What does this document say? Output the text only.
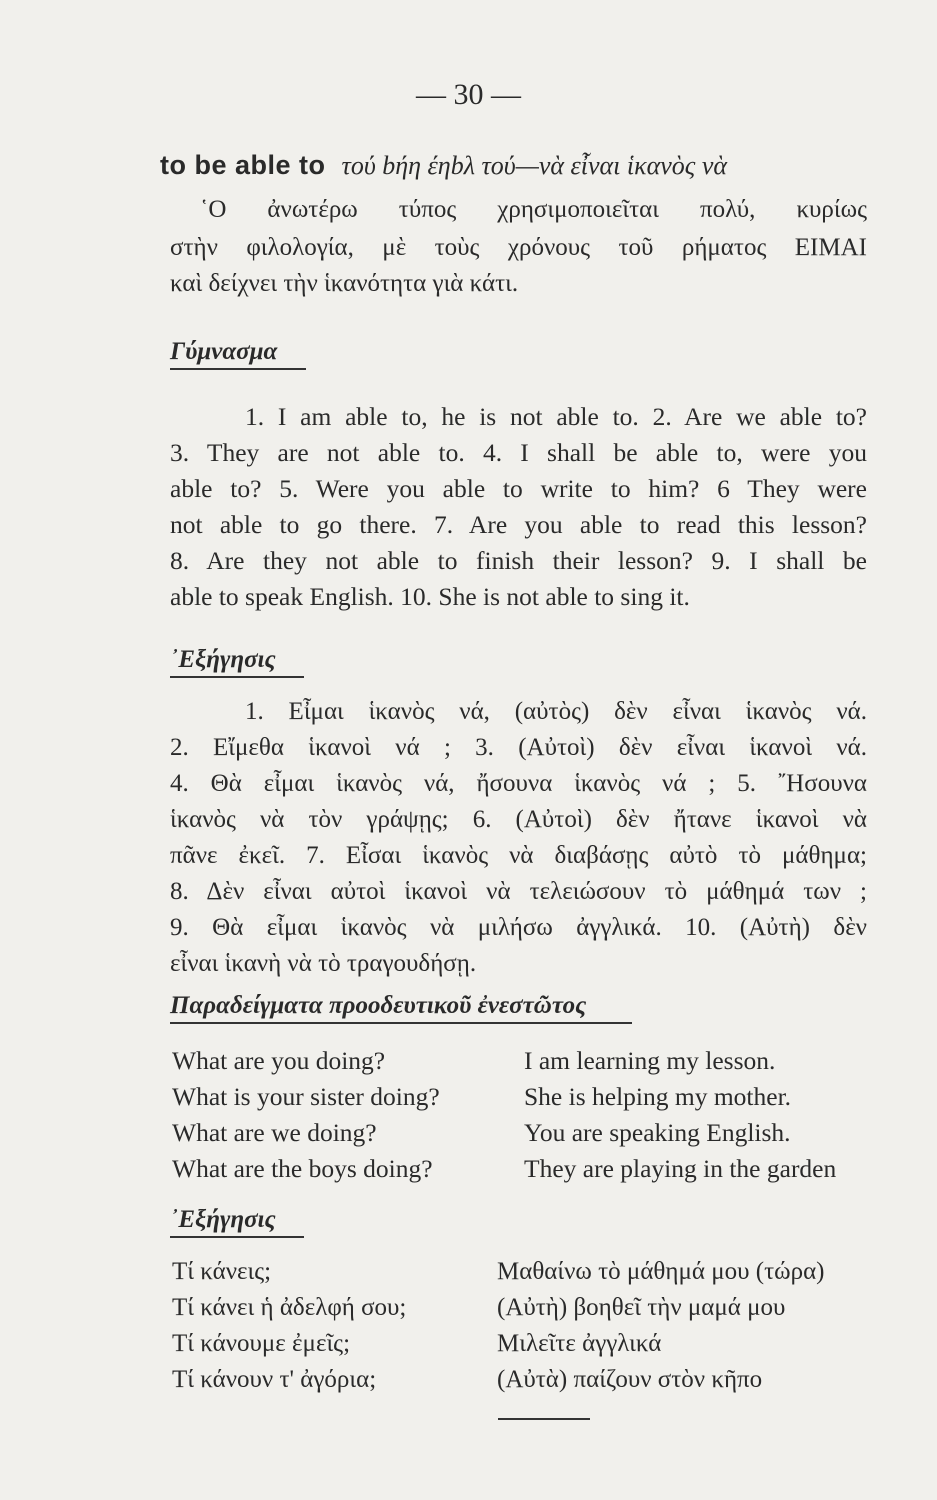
— 30 —
to be able to τού bήη έηbλ τού—νὰ εἶναι ἱκανὸς νὰ
῾Ο ἀνωτέρω τύπος χρησιμοποιεῖται πολύ, κυρίως
στὴν φιλολογία, μὲ τοὺς χρόνους τοῦ ρήματος ΕΙΜΑΙ
καὶ δείχνει τὴν ἱκανότητα γιὰ κάτι.
Γύμνασμα
1. I am able to, he is not able to. 2. Are we able to?
3. They are not able to. 4. I shall be able to, were you
able to? 5. Were you able to write to him? 6 They were
not able to go there. 7. Are you able to read this lesson?
8. Are they not able to finish their lesson? 9. I shall be
able to speak English. 10. She is not able to sing it.
᾿Εξήγησις
1. Εἶμαι ἱκανὸς νά, (αὐτὸς) δὲν εἶναι ἱκανὸς νά.
2. Εἴμεθα ἱκανοὶ νά ; 3. (Αὐτοὶ) δὲν εἶναι ἱκανοὶ νά.
4. Θὰ εἶμαι ἱκανὸς νά, ἤσουνα ἱκανὸς νά ; 5. ῎Ησουνα
ἱκανὸς νὰ τὸν γράψῃς; 6. (Αὐτοὶ) δὲν ἤτανε ἱκανοὶ νὰ
πᾶνε ἐκεῖ. 7. Εἶσαι ἱκανὸς νὰ διαβάσῃς αὐτὸ τὸ μάθημα;
8. Δὲν εἶναι αὐτοὶ ἱκανοὶ νὰ τελειώσουν τὸ μάθημά των ;
9. Θὰ εἶμαι ἱκανὸς νὰ μιλήσω ἀγγλικά. 10. (Αὐτὴ) δὲν
εἶναι ἱκανὴ νὰ τὸ τραγουδήσῃ.
Παραδείγματα προοδευτικοῦ ἐνεστῶτος
What are you doing?	I am learning my lesson.
What is your sister doing?	She is helping my mother.
What are we doing?	You are speaking English.
What are the boys doing?	They are playing in the garden
᾿Εξήγησις
Τί κάνεις;	Μαθαίνω τὸ μάθημά μου (τώρα)
Τί κάνει ἡ ἀδελφή σου;	(Αὐτὴ) βοηθεῖ τὴν μαμά μου
Τί κάνουμε ἐμεῖς;	Μιλεῖτε ἀγγλικά
Τί κάνουν τ' ἀγόρια;	(Αὐτὰ) παίζουν στὸν κῆπο
